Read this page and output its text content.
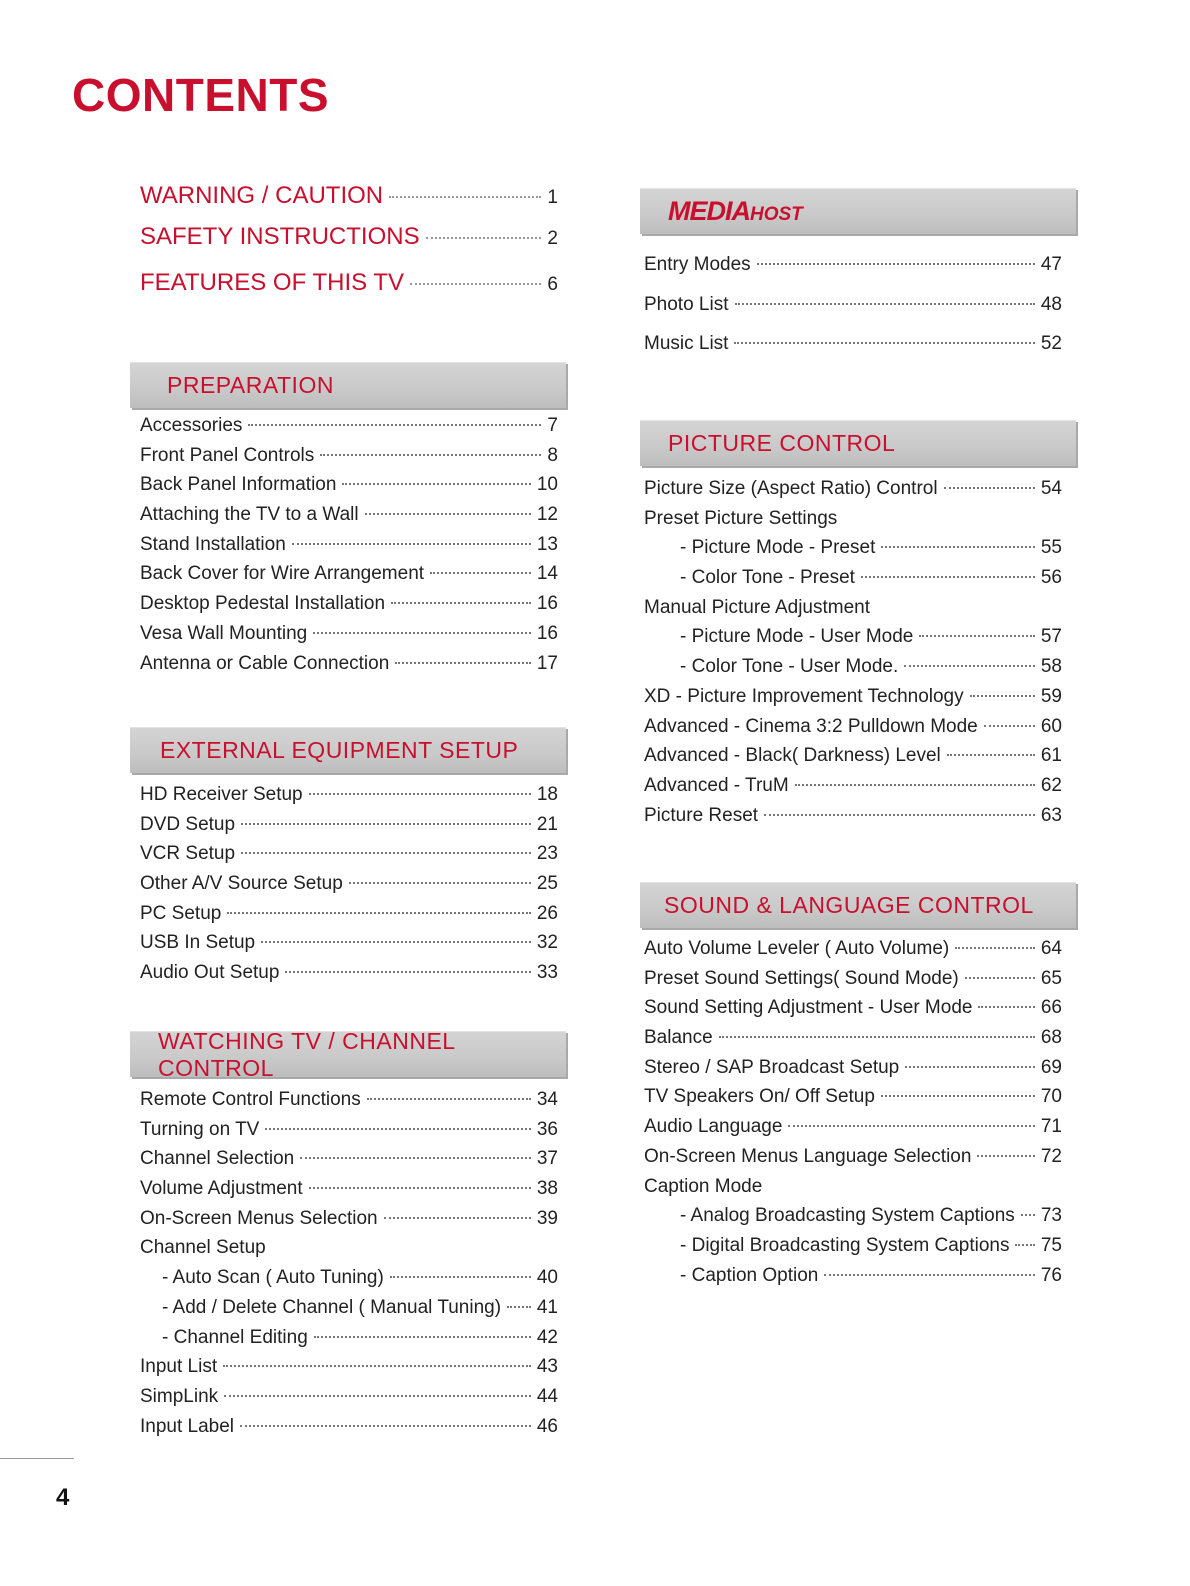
CONTENTS
WARNING / CAUTION	1
SAFETY INSTRUCTIONS	2
FEATURES OF THIS TV	6
PREPARATION
EXTERNAL EQUIPMENT SETUP
WATCHING TV / CHANNEL CONTROL
MEDIAHOST
PICTURE CONTROL
SOUND & LANGUAGE CONTROL
Accessories	7
Front Panel Controls	8
Back Panel Information	10
Attaching the TV to a Wall	12
Stand Installation	13
Back Cover for Wire Arrangement	14
Desktop Pedestal Installation	16
Vesa Wall Mounting	16
Antenna or Cable Connection	17
HD Receiver Setup	18
DVD Setup	21
VCR Setup	23
Other A/V Source Setup	25
PC Setup	26
USB In Setup	32
Audio Out Setup	33
Remote Control Functions	34
Turning on TV	36
Channel Selection	37
Volume Adjustment	38
On-Screen Menus Selection	39
Channel Setup
- Auto Scan ( Auto Tuning)	40
- Add / Delete Channel ( Manual Tuning) 41
- Channel Editing	42
Input List	43
SimpLink	44
Input Label	46
Entry Modes	47
Photo List	48
Music List	52
Picture Size (Aspect Ratio) Control	54
Preset Picture Settings
- Picture Mode - Preset	55
- Color Tone - Preset	56
Manual Picture Adjustment
- Picture Mode - User Mode	57
- Color Tone - User Mode.	58
XD - Picture Improvement Technology	59
Advanced - Cinema 3:2 Pulldown Mode	60
Advanced - Black( Darkness) Level	61
Advanced - TruM	62
Picture Reset	63
Auto Volume Leveler ( Auto Volume)	64
Preset Sound Settings( Sound Mode)	65
Sound Setting Adjustment - User Mode	66
Balance	68
Stereo / SAP Broadcast Setup	69
TV Speakers On/ Off Setup	70
Audio Language	71
On-Screen Menus Language Selection	72
Caption Mode
- Analog Broadcasting System Captions 73
- Digital Broadcasting System Captions 75
- Caption Option	76
4
